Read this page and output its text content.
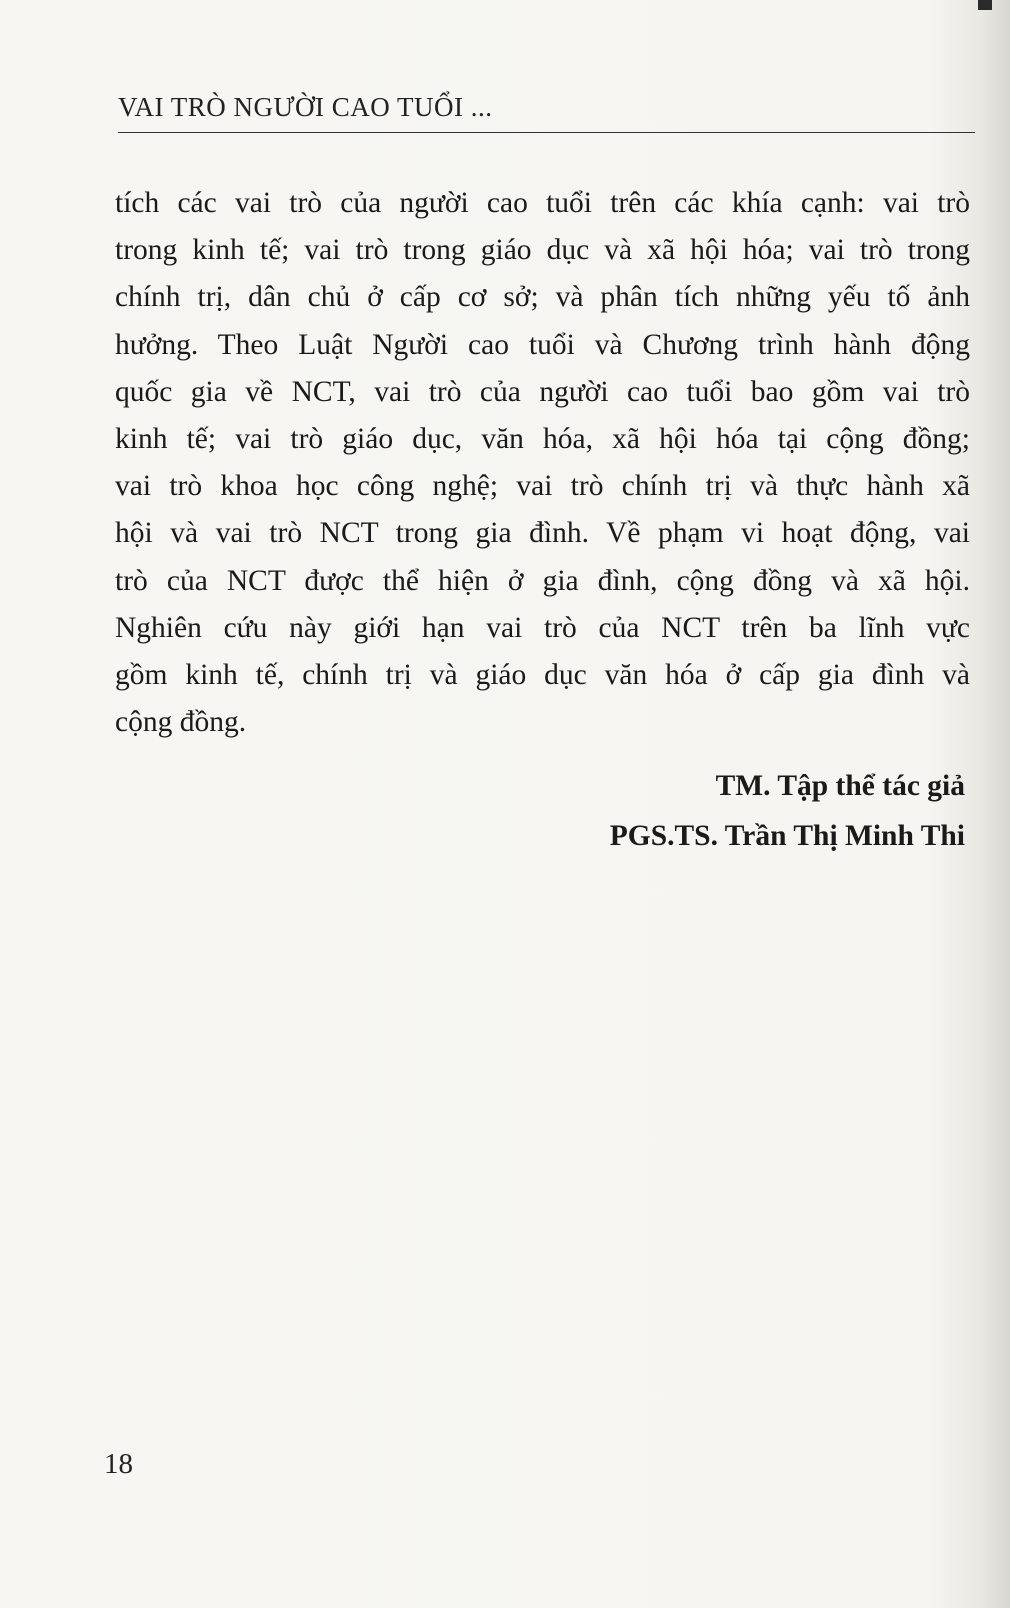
VAI TRÒ NGƯỜI CAO TUỔI ...
tích các vai trò của người cao tuổi trên các khía cạnh: vai trò
trong kinh tế; vai trò trong giáo dục và xã hội hóa; vai trò trong
chính trị, dân chủ ở cấp cơ sở; và phân tích những yếu tố ảnh
hưởng. Theo Luật Người cao tuổi và Chương trình hành động
quốc gia về NCT, vai trò của người cao tuổi bao gồm vai trò
kinh tế; vai trò giáo dục, văn hóa, xã hội hóa tại cộng đồng;
vai trò khoa học công nghệ; vai trò chính trị và thực hành xã
hội và vai trò NCT trong gia đình. Về phạm vi hoạt động, vai
trò của NCT được thể hiện ở gia đình, cộng đồng và xã hội.
Nghiên cứu này giới hạn vai trò của NCT trên ba lĩnh vực
gồm kinh tế, chính trị và giáo dục văn hóa ở cấp gia đình và
cộng đồng.
TM. Tập thể tác giả
PGS.TS. Trần Thị Minh Thi
18
